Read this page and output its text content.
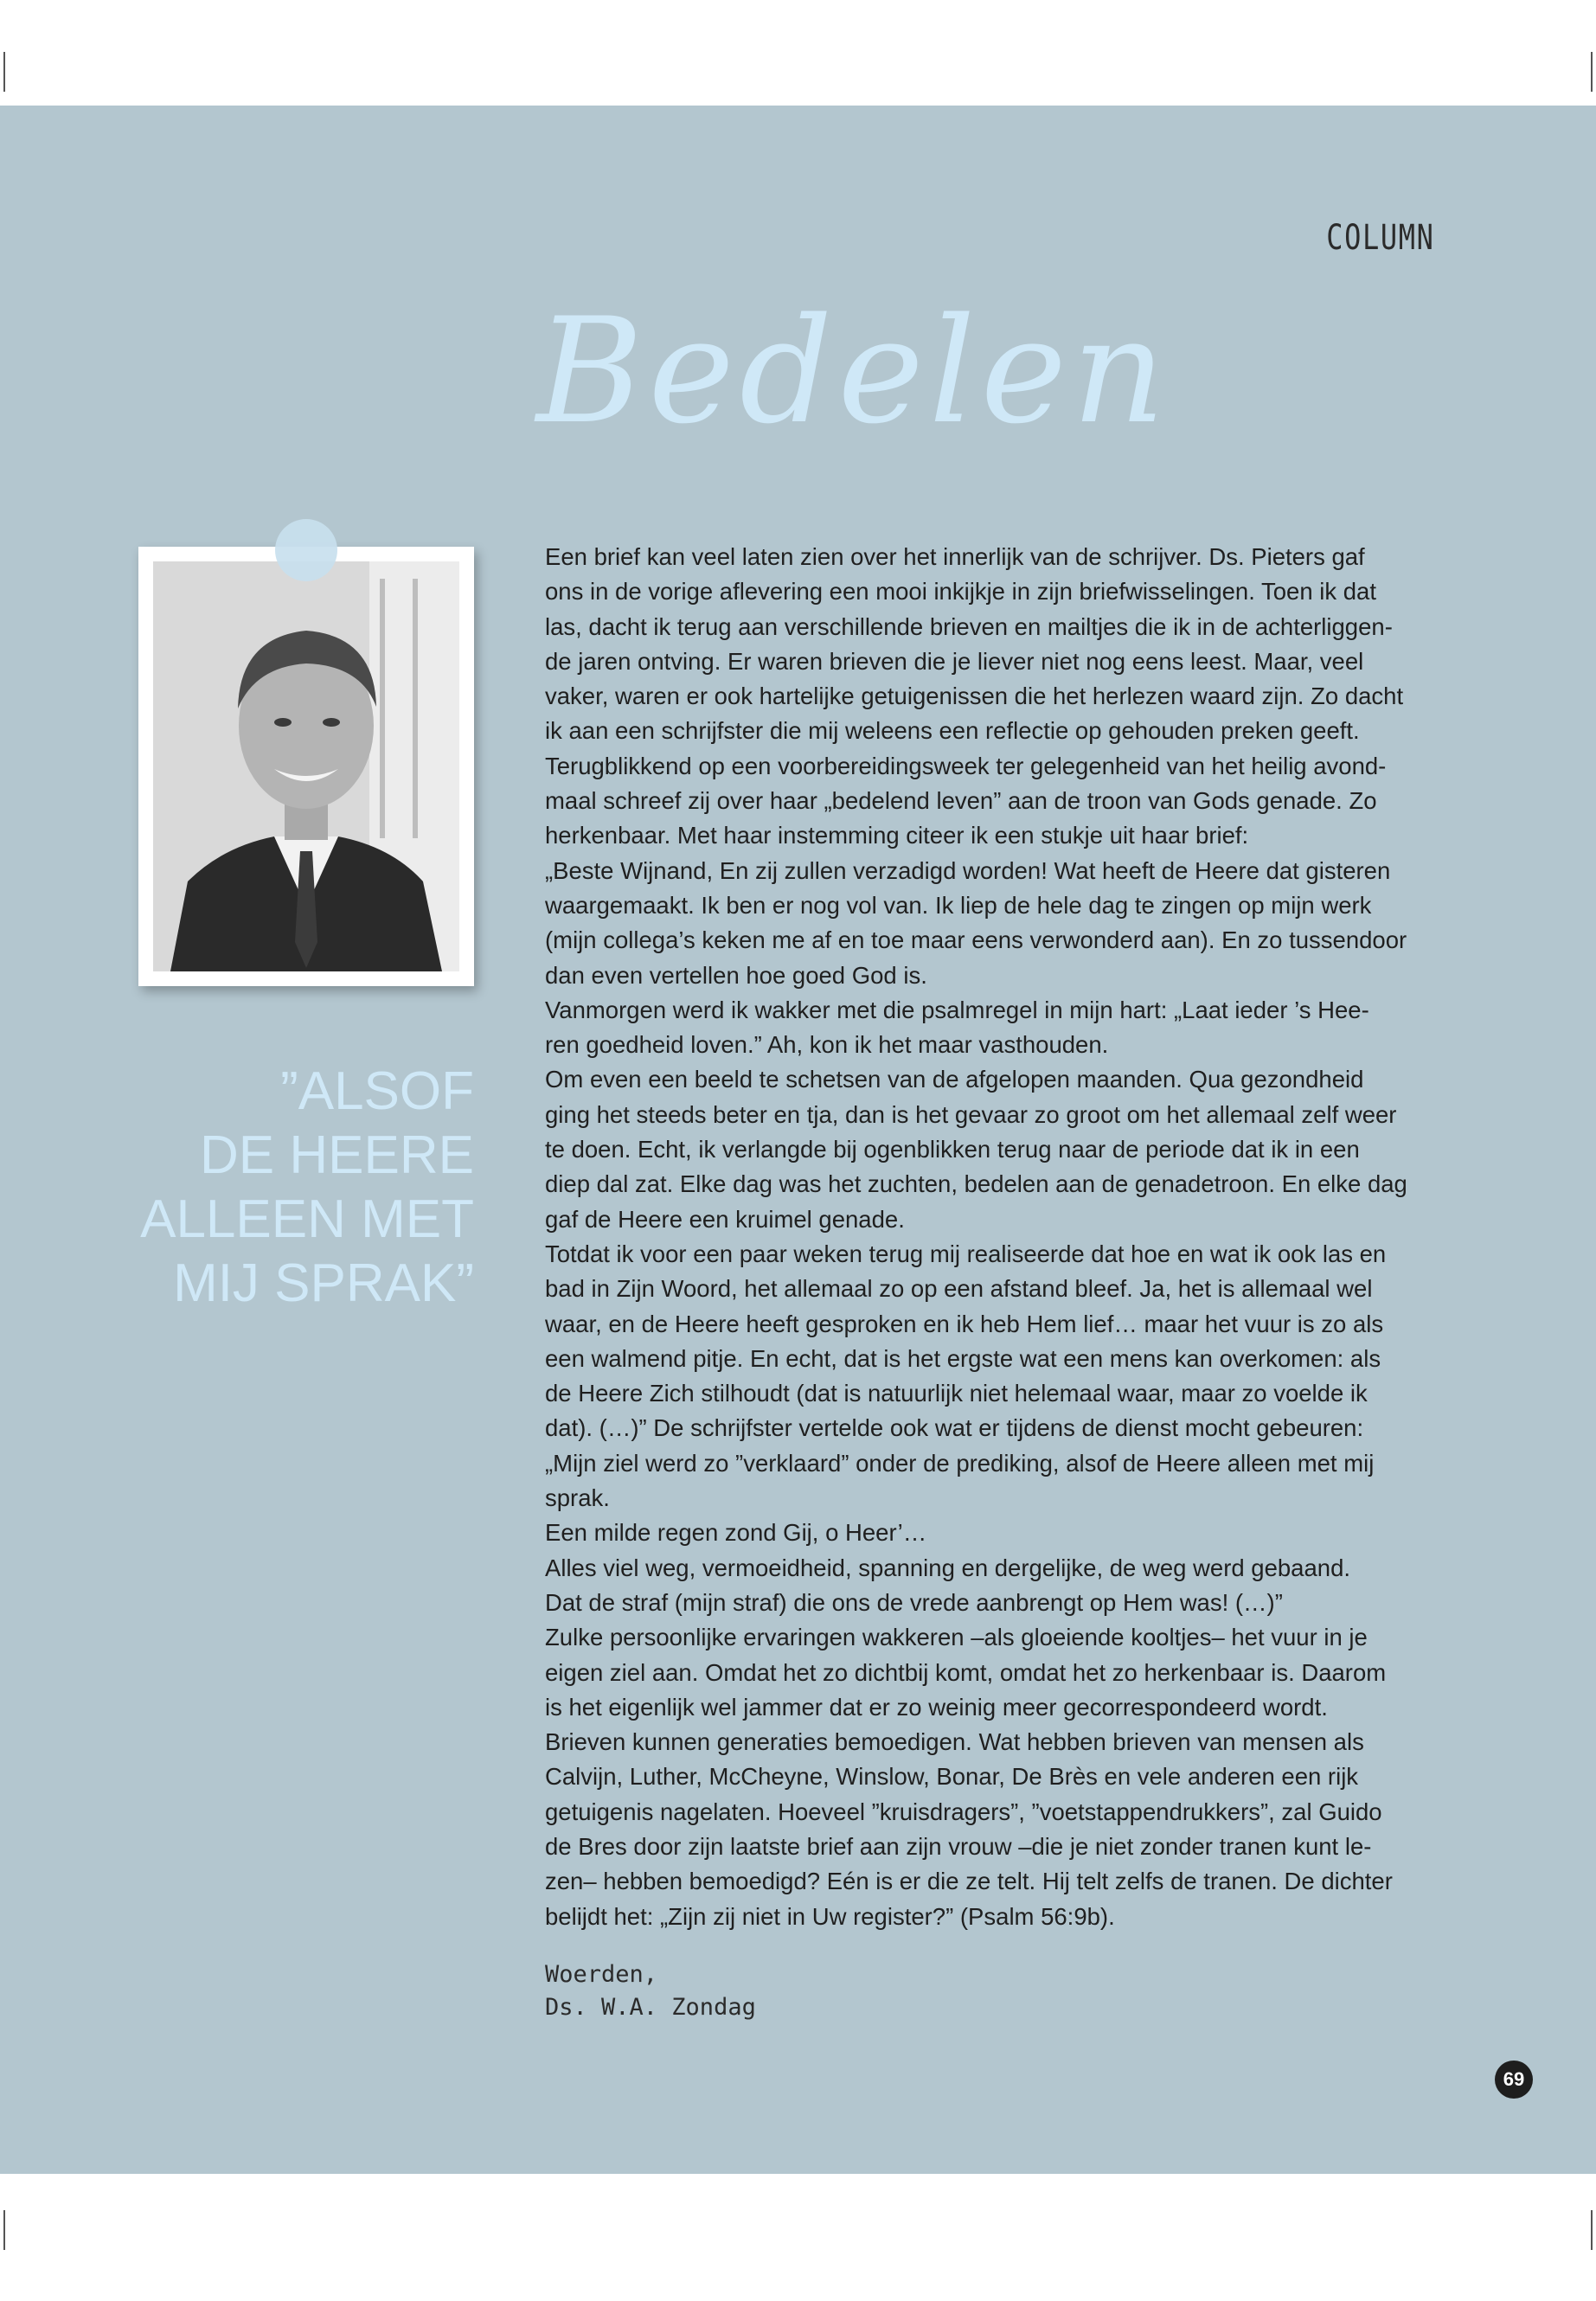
COLUMN
Bedelen

”ALSOF

DE HEERE

ALLEEN MET

MIJ SPRAK”

Een brief kan veel laten zien over het innerlijk van de schrijver. Ds. Pieters gaf

ons in de vorige aflevering een mooi inkijkje in zijn briefwisselingen. Toen ik dat

las, dacht ik terug aan verschillende brieven en mailtjes die ik in de achterliggen-

de jaren ontving. Er waren brieven die je liever niet nog eens leest. Maar, veel

vaker, waren er ook hartelijke getuigenissen die het herlezen waard zijn. Zo dacht

ik aan een schrijfster die mij weleens een reflectie op gehouden preken geeft.

Terugblikkend op een voorbereidingsweek ter gelegenheid van het heilig avond-

maal schreef zij over haar „bedelend leven” aan de troon van Gods genade. Zo

herkenbaar. Met haar instemming citeer ik een stukje uit haar brief:

„Beste Wijnand, En zij zullen verzadigd worden! Wat heeft de Heere dat gisteren

waargemaakt. Ik ben er nog vol van. Ik liep de hele dag te zingen op mijn werk

(mijn collega’s keken me af en toe maar eens verwonderd aan). En zo tussendoor

dan even vertellen hoe goed God is.

Vanmorgen werd ik wakker met die psalmregel in mijn hart: „Laat ieder ’s Hee-

ren goedheid loven.” Ah, kon ik het maar vasthouden.

Om even een beeld te schetsen van de afgelopen maanden. Qua gezondheid

ging het steeds beter en tja, dan is het gevaar zo groot om het allemaal zelf weer

te doen. Echt, ik verlangde bij ogenblikken terug naar de periode dat ik in een

diep dal zat. Elke dag was het zuchten, bedelen aan de genadetroon. En elke dag

gaf de Heere een kruimel genade.

Totdat ik voor een paar weken terug mij realiseerde dat hoe en wat ik ook las en

bad in Zijn Woord, het allemaal zo op een afstand bleef. Ja, het is allemaal wel

waar, en de Heere heeft gesproken en ik heb Hem lief… maar het vuur is zo als

een walmend pitje. En echt, dat is het ergste wat een mens kan overkomen: als

de Heere Zich stilhoudt (dat is natuurlijk niet helemaal waar, maar zo voelde ik

dat). (…)” De schrijfster vertelde ook wat er tijdens de dienst mocht gebeuren:

„Mijn ziel werd zo ”verklaard” onder de prediking, alsof de Heere alleen met mij

sprak.

Een milde regen zond Gij, o Heer’…

Alles viel weg, vermoeidheid, spanning en dergelijke, de weg werd gebaand.

Dat de straf (mijn straf) die ons de vrede aanbrengt op Hem was! (…)”

Zulke persoonlijke ervaringen wakkeren –als gloeiende kooltjes– het vuur in je

eigen ziel aan. Omdat het zo dichtbij komt, omdat het zo herkenbaar is. Daarom

is het eigenlijk wel jammer dat er zo weinig meer gecorrespondeerd wordt.

Brieven kunnen generaties bemoedigen. Wat hebben brieven van mensen als

Calvijn, Luther, McCheyne, Winslow, Bonar, De Brès en vele anderen een rijk

getuigenis nagelaten. Hoeveel ”kruisdragers”, ”voetstappendrukkers”, zal Guido

de Bres door zijn laatste brief aan zijn vrouw –die je niet zonder tranen kunt le-

zen– hebben bemoedigd? Eén is er die ze telt. Hij telt zelfs de tranen. De dichter

belijdt het: „Zijn zij niet in Uw register?” (Psalm 56:9b).

Woerden,

Ds. W.A. Zondag

69
